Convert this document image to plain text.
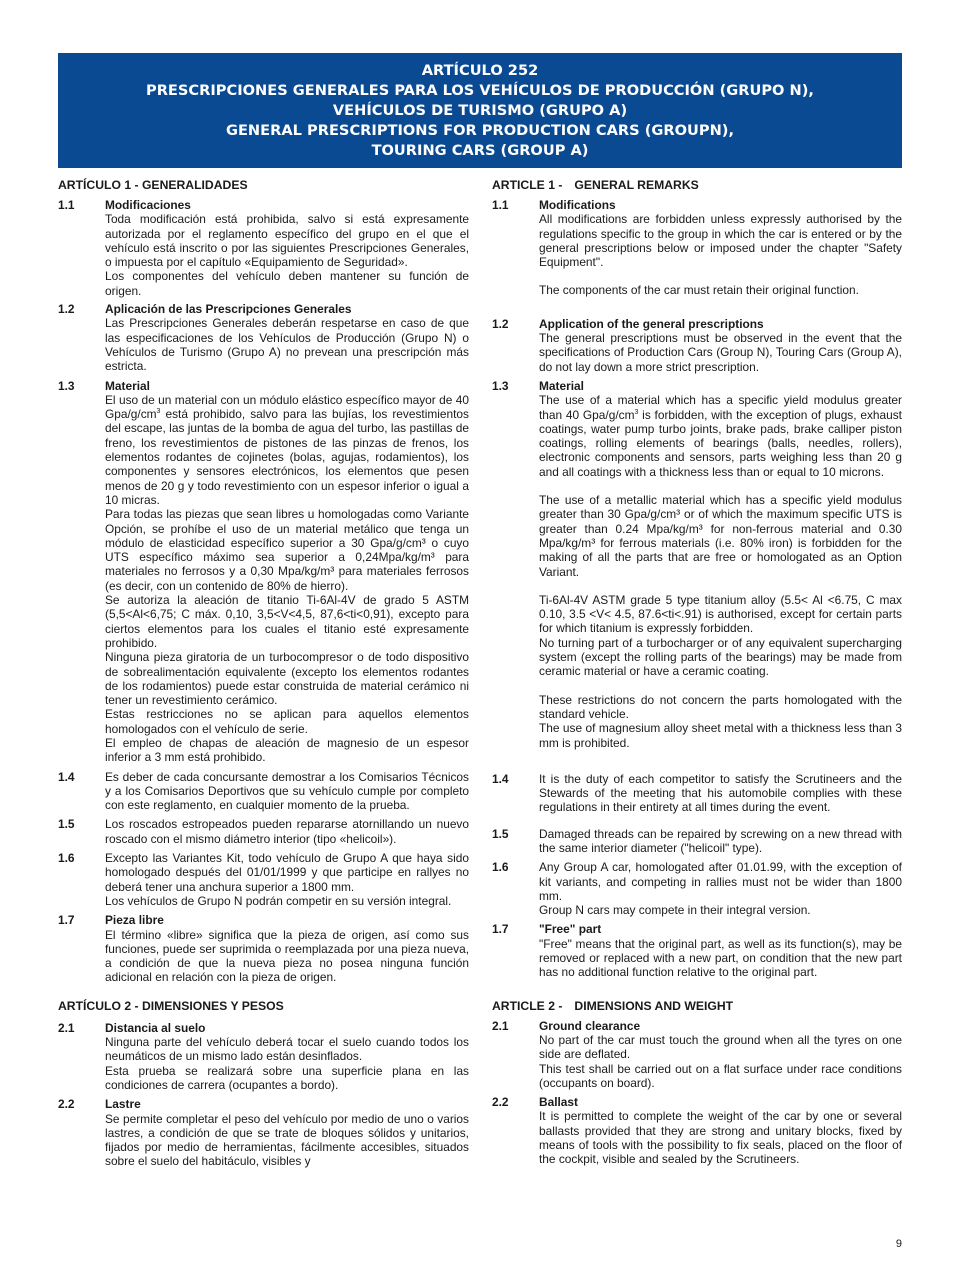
ARTÍCULO 252
PRESCRIPCIONES GENERALES PARA LOS VEHÍCULOS DE PRODUCCIÓN (GRUPO N),
VEHÍCULOS DE TURISMO (GRUPO A)
GENERAL PRESCRIPTIONS FOR PRODUCTION CARS (GROUPN),
TOURING CARS (GROUP A)
ARTÍCULO 1 - GENERALIDADES
1.1	Modificaciones

Toda modificación está prohibida, salvo si está expresamente autorizada por el reglamento específico del grupo en el que el vehículo está inscrito o por las siguientes Prescripciones Generales, o impuesta por el capítulo «Equipamiento de Seguridad».

Los componentes del vehículo deben mantener su función de origen.

1.2	Aplicación de las Prescripciones Generales

Las Prescripciones Generales deberán respetarse en caso de que las especificaciones de los Vehículos de Producción (Grupo N) o Vehículos de Turismo (Grupo A) no prevean una prescripción más estricta.

1.3	Material

El uso de un material con un módulo elástico específico mayor de 40 Gpa/$g/cm^3$ está prohibido, salvo para las bujías, los revestimientos del escape, las juntas de la bomba de agua del turbo, las pastillas de freno, los revestimientos de pistones de las pinzas de frenos, los elementos rodantes de cojinetes (bolas, agujas, rodamientos), los componentes y sensores electrónicos, los elementos que pesen menos de 20 g y todo revestimiento con un espesor inferior o igual a 10 micras.

Para todas las piezas que sean libres u homologadas como Variante Opción, se prohíbe el uso de un material metálico que tenga un módulo de elasticidad específico superior a 30 Gpa/g/cm³ o cuyo UTS específico máximo sea superior a 0,24Mpa/kg/m³ para materiales no ferrosos y a 0,30 Mpa/kg/m³ para materiales ferrosos (es decir, con un contenido de 80% de hierro).

Se autoriza la aleación de titanio Ti-6Al-4V de grado 5 ASTM (5,5<Al<6,75; C máx. 0,10, 3,5<V<4,5, 87,6<ti<0,91), excepto para ciertos elementos para los cuales el titanio esté expresamente prohibido.

Ninguna pieza giratoria de un turbocompresor o de todo dispositivo de sobrealimentación equivalente (excepto los elementos rodantes de los rodamientos) puede estar construida de material cerámico ni tener un revestimiento cerámico.

Estas restricciones no se aplican para aquellos elementos homologados con el vehículo de serie.

El empleo de chapas de aleación de magnesio de un espesor inferior a 3 mm está prohibido.

1.4	Es deber de cada concursante demostrar a los Comisarios Técnicos y a los Comisarios Deportivos que su vehículo cumple por completo con este reglamento, en cualquier momento de la prueba.

1.5	Los roscados estropeados pueden repararse atornillando un nuevo roscado con el mismo diámetro interior (tipo «helicoil»).

1.6	Excepto las Variantes Kit, todo vehículo de Grupo A que haya sido homologado después del 01/01/1999 y que participe en rallyes no deberá tener una anchura superior a 1800 mm.

Los vehículos de Grupo N podrán competir en su versión integral.

1.7	Pieza libre

El término «libre» significa que la pieza de origen, así como sus funciones, puede ser suprimida o reemplazada por una pieza nueva, a condición de que la nueva pieza no posea ninguna función adicional en relación con la pieza de origen.

ARTÍCULO 2 - DIMENSIONES Y PESOS
2.1	Distancia al suelo

Ninguna parte del vehículo deberá tocar el suelo cuando todos los neumáticos de un mismo lado están desinflados.

Esta prueba se realizará sobre una superficie plana en las condiciones de carrera (ocupantes a bordo).

2.2	Lastre

Se permite completar el peso del vehículo por medio de uno o varios lastres, a condición de que se trate de bloques sólidos y unitarios, fijados por medio de herramientas, fácilmente accesibles, situados sobre el suelo del habitáculo, visibles y

ARTICLE 1 - GENERAL REMARKS
1.1	Modifications

All modifications are forbidden unless expressly authorised by the regulations specific to the group in which the car is entered or by the general prescriptions below or imposed under the chapter "Safety Equipment".

The components of the car must retain their original function.

1.2	Application of the general prescriptions

The general prescriptions must be observed in the event that the specifications of Production Cars (Group N), Touring Cars (Group A), do not lay down a more strict prescription.

1.3	Material

The use of a material which has a specific yield modulus greater than 40 Gpa/$g/cm^3$ is forbidden, with the exception of plugs, exhaust coatings, water pump turbo joints, brake pads, brake calliper piston coatings, rolling elements of bearings (balls, needles, rollers), electronic components and sensors, parts weighing less than 20 g and all coatings with a thickness less than or equal to 10 microns.

The use of a metallic material which has a specific yield modulus greater than 30 Gpa/g/cm³ or of which the maximum specific UTS is greater than 0.24 Mpa/kg/m³ for non-ferrous material and 0.30 Mpa/kg/m³ for ferrous materials (i.e. 80% iron) is forbidden for the making of all the parts that are free or homologated as an Option Variant.

Ti-6Al-4V ASTM grade 5 type titanium alloy (5.5< Al <6.75, C max 0.10, 3.5 <V< 4.5, 87.6<ti<.91) is authorised, except for certain parts for which titanium is expressly forbidden.

No turning part of a turbocharger or of any equivalent supercharging system (except the rolling parts of the bearings) may be made from ceramic material or have a ceramic coating.

These restrictions do not concern the parts homologated with the standard vehicle.

The use of magnesium alloy sheet metal with a thickness less than 3 mm is prohibited.

1.4	It is the duty of each competitor to satisfy the Scrutineers and the Stewards of the meeting that his automobile complies with these regulations in their entirety at all times during the event.

1.5	Damaged threads can be repaired by screwing on a new thread with the same interior diameter ("helicoil" type).

1.6	Any Group A car, homologated after 01.01.99, with the exception of kit variants, and competing in rallies must not be wider than 1800 mm.

Group N cars may compete in their integral version.

1.7	"Free" part

"Free" means that the original part, as well as its function(s), may be removed or replaced with a new part, on condition that the new part has no additional function relative to the original part.

ARTICLE 2 - DIMENSIONS AND WEIGHT
2.1	Ground clearance

No part of the car must touch the ground when all the tyres on one side are deflated.

This test shall be carried out on a flat surface under race conditions (occupants on board).

2.2	Ballast

It is permitted to complete the weight of the car by one or several ballasts provided that they are strong and unitary blocks, fixed by means of tools with the possibility to fix seals, placed on the floor of the cockpit, visible and sealed by the Scrutineers.

9
